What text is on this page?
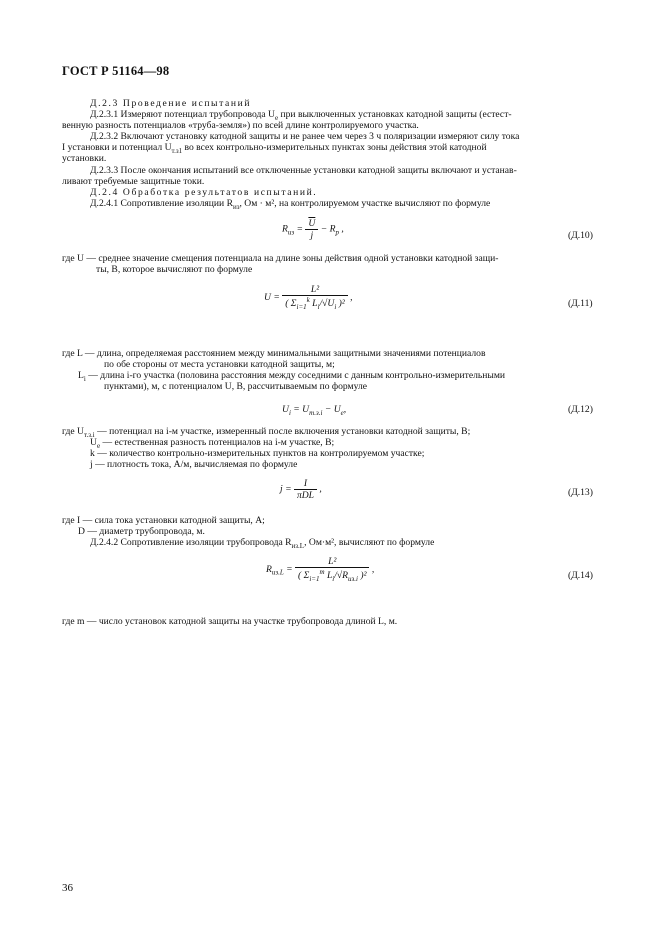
ГОСТ Р 51164—98
Д.2.3 Проведение испытаний
Д.2.3.1 Измеряют потенциал трубопровода $U_е$ при выключенных установках катодной защиты (естест-
венную разность потенциалов «труба-земля») по всей длине контролируемого участка.
Д.2.3.2 Включают установку катодной защиты и не ранее чем через 3 ч поляризации измеряют силу тока
I установки и потенциал $U_{т.з1}$ во всех контрольно-измерительных пунктах зоны действия этой катодной
установки.
Д.2.3.3 После окончания испытаний все отключенные установки катодной защиты включают и устанав-
ливают требуемые защитные токи.
Д.2.4 Обработка результатов испытаний.
Д.2.4.1 Сопротивление изоляции $R_{из}$, Ом · м², на контролируемом участке вычисляют по формуле
$R_{из} = \frac{\overline{U}}{j} - R_р$ ,
(Д.10)
где U — среднее значение смещения потенциала на длине зоны действия одной установки катодной защи-
ты, В, которое вычисляют по формуле
$U = \frac{\text{L²}}{( \Sigma_{i=1}^k L_i/√U_i )^2}$ ,
(Д.11)
где L — длина, определяемая расстоянием между минимальными защитными значениями потенциалов
по обе стороны от места установки катодной защиты, м;
$L_i$ — длина i-го участка (половина расстояния между соседними с данным контрольно-измерительными
пунктами), м, с потенциалом U, В, рассчитываемым по формуле
$U_i = U_{т.з.i} - U_е$,	(Д.12)
где $U_{т.з.i}$ — потенциал на i-м участке, измеренный после включения установки катодной защиты, В;
$U_е$ — естественная разность потенциалов на i-м участке, В;
k — количество контрольно-измерительных пунктов на контролируемом участке;
j — плотность тока, А/м, вычисляемая по формуле
$j = \frac{I}{\text{πDL}}$ ,	(Д.13)
где I — сила тока установки катодной защиты, А;
D — диаметр трубопровода, м.
Д.2.4.2 Сопротивление изоляции трубопровода $R_{из.L}$, Ом·м², вычисляют по формуле
$R_{из.L} = \frac{\text{L²}}{( \Sigma_{i=1}^m L_i/√R_{из.i} )^2}$ ,
(Д.14)
где m — число установок катодной защиты на участке трубопровода длиной L, м.
36
